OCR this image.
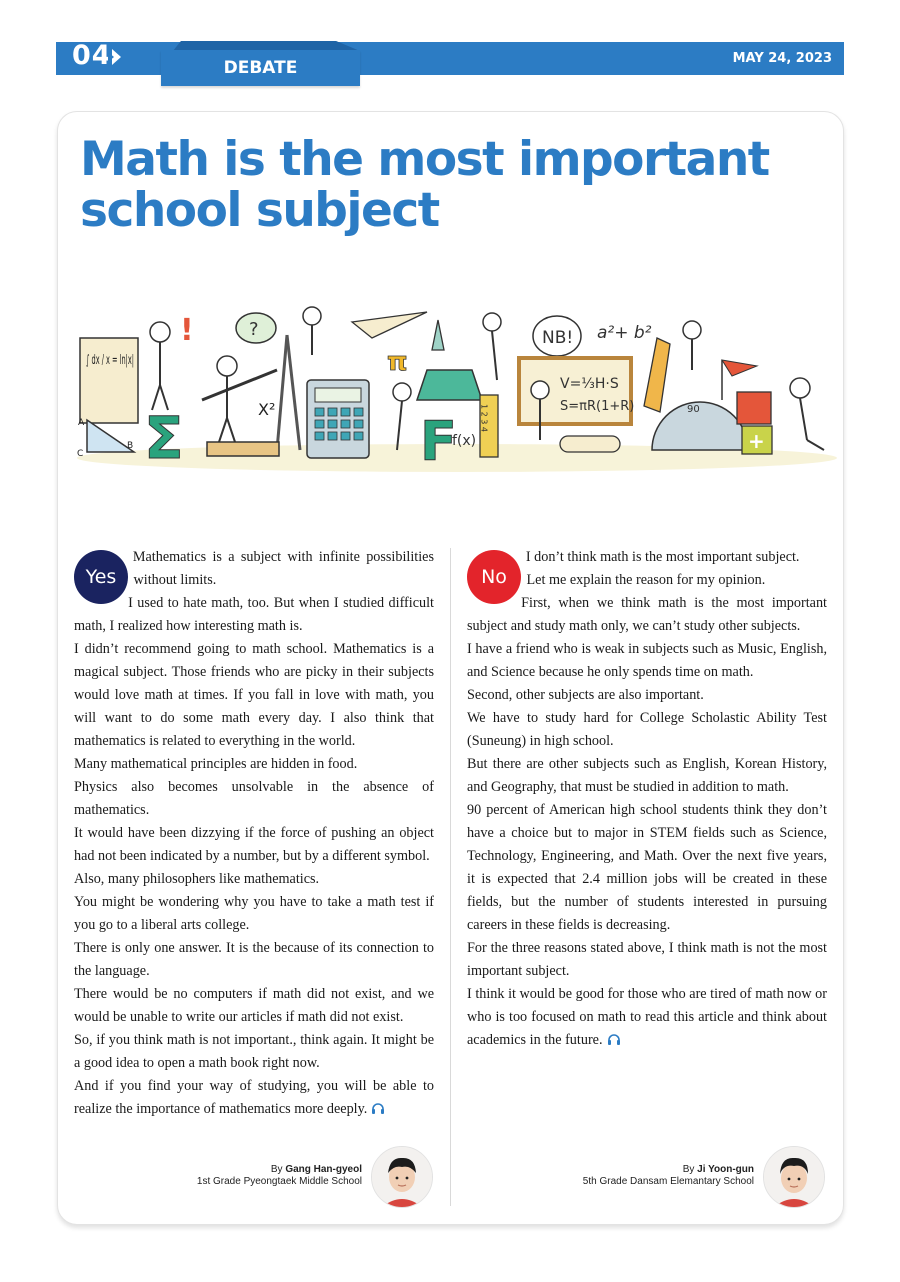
04	DEBATE	MAY 24, 2023
Math is the most important
school subject
∫ dx / x = ln|x|
!
A
B
C Σ
?
X²
π
F
f(x)
1 2 3 4
NB! a²+ b²
V=⅓H·S
S=πR(1+R)	90
+
Yes

Mathematics is a subject with infinite possibilities without limits.

I used to hate math, too. But when I studied difficult math, I realized how interesting math is.

I didn’t recommend going to math school. Mathematics is a magical subject. Those friends who are picky in their subjects would love math at times. If you fall in love with math, you will want to do some math every day. I also think that mathematics is related to everything in the world.

Many mathematical principles are hidden in food.

Physics also becomes unsolvable in the absence of mathematics.

It would have been dizzying if the force of pushing an object had not been indicated by a number, but by a different symbol.

Also, many philosophers like mathematics.

You might be wondering why you have to take a math test if you go to a liberal arts college.

There is only one answer. It is the because of its connection to the language.

There would be no computers if math did not exist, and we would be unable to write our articles if math did not exist.

So, if you think math is not important., think again. It might be a good idea to open a math book right now.

And if you find your way of studying, you will be able to realize the importance of mathematics more deeply.

No

I don’t think math is the most important subject.

Let me explain the reason for my opinion.

First, when we think math is the most important subject and study math only, we can’t study other subjects.

I have a friend who is weak in subjects such as Music, English, and Science because he only spends time on math.

Second, other subjects are also important.

We have to study hard for College Scholastic Ability Test (Suneung) in high school.

But there are other subjects such as English, Korean History, and Geography, that must be studied in addition to math.

90 percent of American high school students think they don’t have a choice but to major in STEM fields such as Science, Technology, Engineering, and Math. Over the next five years, it is expected that 2.4 million jobs will be created in these fields, but the number of students interested in pursuing careers in these fields is decreasing.

For the three reasons stated above, I think math is not the most important subject.

I think it would be good for those who are tired of math now or who is too focused on math to read this article and think about academics in the future.

By Gang Han-gyeol
1st Grade Pyeongtaek Middle School
By Ji Yoon-gun
5th Grade Dansam Elemantary School
